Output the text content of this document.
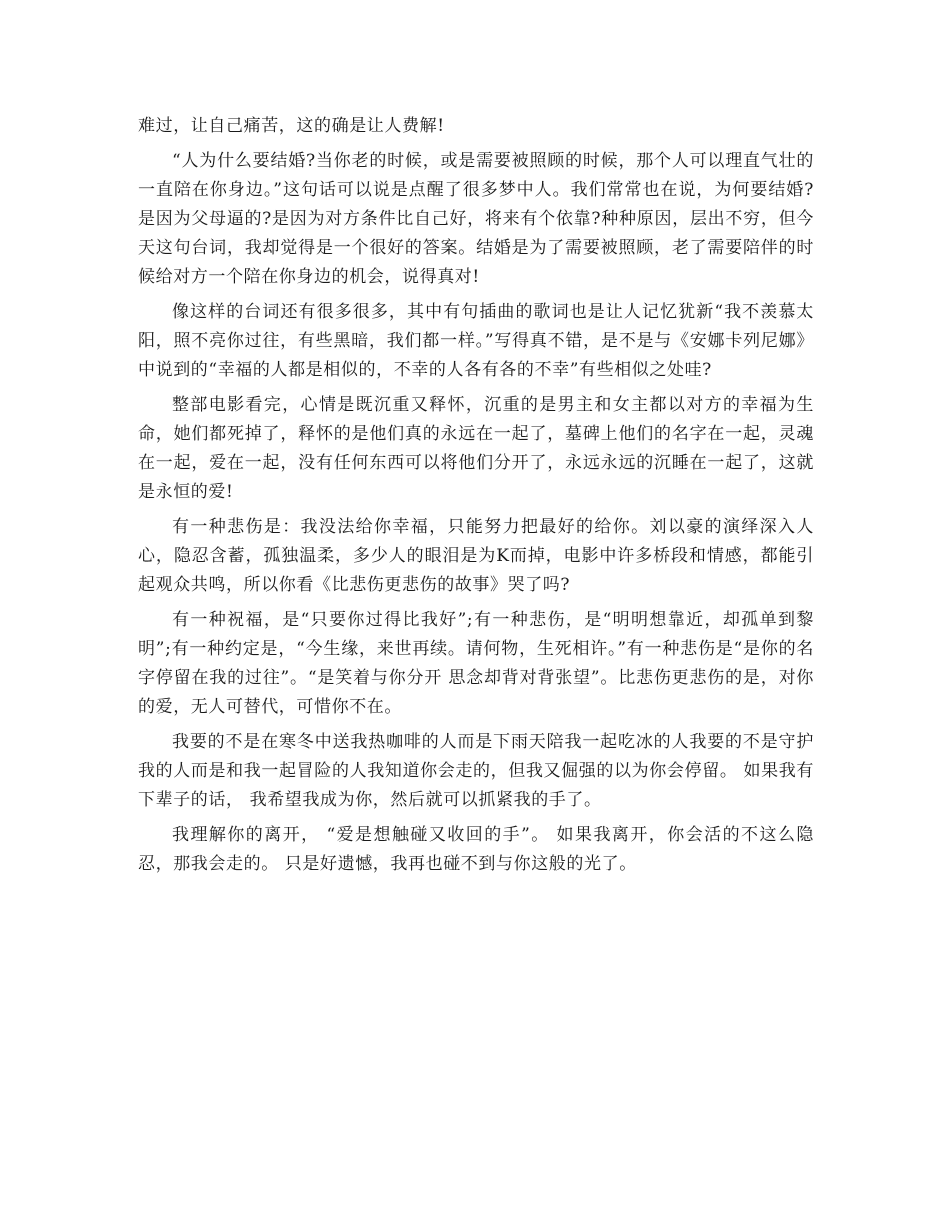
难过，让自己痛苦，这的确是让人费解!

“人为什么要结婚?当你老的时候，或是需要被照顾的时候，那个人可以理直气壮的一直陪在你身边。”这句话可以说是点醒了很多梦中人。我们常常也在说，为何要结婚?是因为父母逼的?是因为对方条件比自己好，将来有个依靠?种种原因，层出不穷，但今天这句台词，我却觉得是一个很好的答案。结婚是为了需要被照顾，老了需要陪伴的时候给对方一个陪在你身边的机会，说得真对!

像这样的台词还有很多很多，其中有句插曲的歌词也是让人记忆犹新“我不羡慕太阳，照不亮你过往，有些黑暗，我们都一样。”写得真不错，是不是与《安娜卡列尼娜》中说到的“幸福的人都是相似的，不幸的人各有各的不幸”有些相似之处哇?

整部电影看完，心情是既沉重又释怀，沉重的是男主和女主都以对方的幸福为生命，她们都死掉了，释怀的是他们真的永远在一起了，墓碑上他们的名字在一起，灵魂在一起，爱在一起，没有任何东西可以将他们分开了，永远永远的沉睡在一起了，这就是永恒的爱!

有一种悲伤是：我没法给你幸福，只能努力把最好的给你。刘以豪的演绎深入人心，隐忍含蓄，孤独温柔，多少人的眼泪是为K而掉，电影中许多桥段和情感，都能引起观众共鸣，所以你看《比悲伤更悲伤的故事》哭了吗?

有一种祝福，是“只要你过得比我好”;有一种悲伤，是“明明想靠近，却孤单到黎明”;有一种约定是，“今生缘，来世再续。请何物，生死相许。”有一种悲伤是“是你的名字停留在我的过往”。“是笑着与你分开 思念却背对背张望”。比悲伤更悲伤的是，对你的爱，无人可替代，可惜你不在。

我要的不是在寒冬中送我热咖啡的人而是下雨天陪我一起吃冰的人我要的不是守护我的人而是和我一起冒险的人我知道你会走的，但我又倔强的以为你会停留。 如果我有下辈子的话， 我希望我成为你，然后就可以抓紧我的手了。

我理解你的离开， “爱是想触碰又收回的手”。 如果我离开，你会活的不这么隐忍，那我会走的。 只是好遗憾，我再也碰不到与你这般的光了。
